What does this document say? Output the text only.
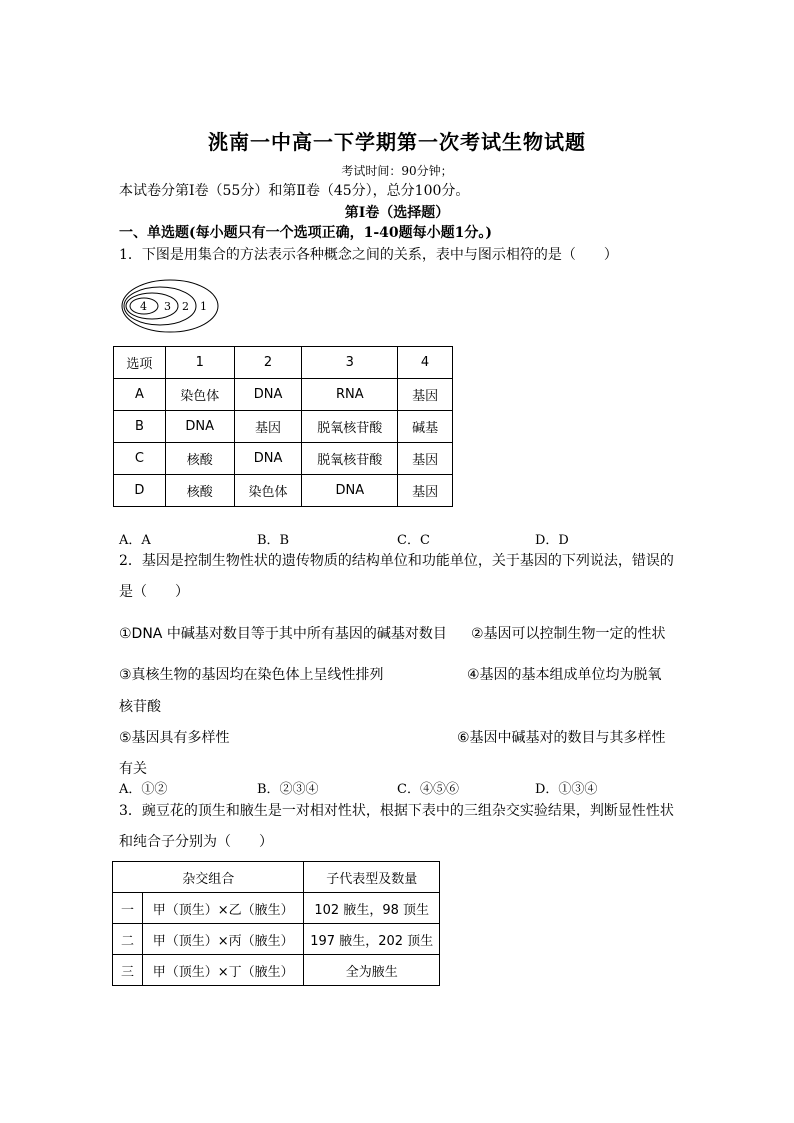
洮南一中高一下学期第一次考试生物试题
考试时间：90分钟；
本试卷分第Ⅰ卷（55分）和第Ⅱ卷（45分），总分100分。
第Ⅰ卷（选择题）
一、单选题(每小题只有一个选项正确，1-40题每小题1分。)
1．下图是用集合的方法表示各种概念之间的关系，表中与图示相符的是（　　）
4 3 2 1
选项	1	2	3	4
A	染色体	DNA	RNA	基因
B	DNA	基因	脱氧核苷酸	碱基
C	核酸	DNA	脱氧核苷酸	基因
D	核酸	染色体	DNA	基因
A．A	B．B	C．C	D．D
2．基因是控制生物性状的遗传物质的结构单位和功能单位，关于基因的下列说法，错误的
是（　　）
①DNA 中碱基对数目等于其中所有基因的碱基对数目 ②基因可以控制生物一定的性状
③真核生物的基因均在染色体上呈线性排列	④基因的基本组成单位均为脱氧
核苷酸
⑤基因具有多样性	⑥基因中碱基对的数目与其多样性
有关
A．①②	B．②③④	C．④⑤⑥	D．①③④
3．豌豆花的顶生和腋生是一对相对性状，根据下表中的三组杂交实验结果，判断显性性状
和纯合子分别为（　　）
杂交组合		子代表型及数量
一	甲（顶生）×乙（腋生）	102 腋生，98 顶生
二	甲（顶生）×丙（腋生）	197 腋生，202 顶生
三	甲（顶生）×丁（腋生）	全为腋生
